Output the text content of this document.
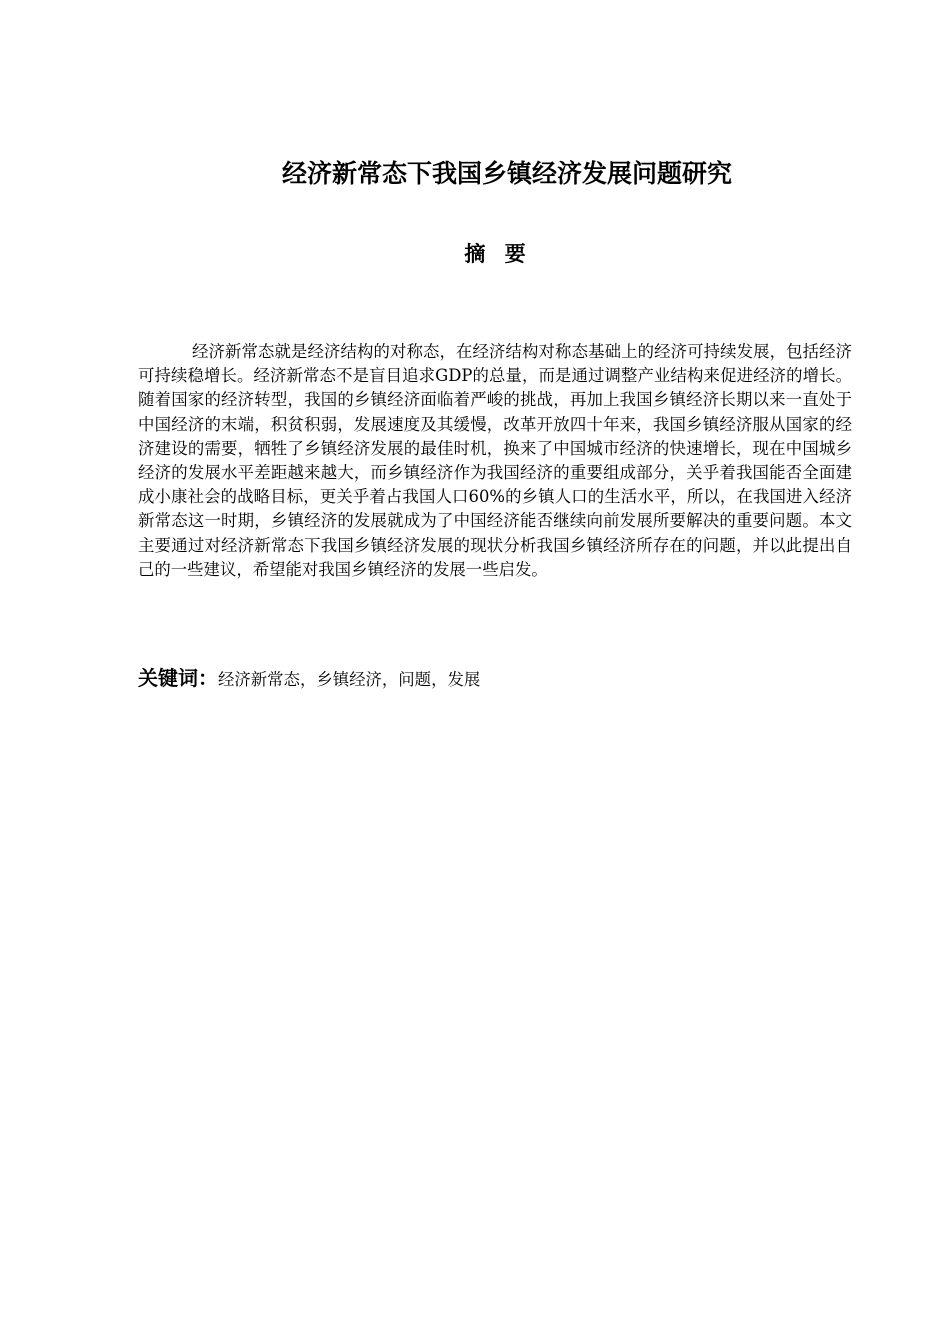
经济新常态下我国乡镇经济发展问题研究
摘 要

经济新常态就是经济结构的对称态，在经济结构对称态基础上的经济可持续发展，包括经济可持续稳增长。经济新常态不是盲目追求GDP的总量，而是通过调整产业结构来促进经济的增长。随着国家的经济转型，我国的乡镇经济面临着严峻的挑战，再加上我国乡镇经济长期以来一直处于中国经济的末端，积贫积弱，发展速度及其缓慢，改革开放四十年来，我国乡镇经济服从国家的经济建设的需要，牺牲了乡镇经济发展的最佳时机，换来了中国城市经济的快速增长，现在中国城乡经济的发展水平差距越来越大，而乡镇经济作为我国经济的重要组成部分，关乎着我国能否全面建成小康社会的战略目标，更关乎着占我国人口60%的乡镇人口的生活水平，所以，在我国进入经济新常态这一时期，乡镇经济的发展就成为了中国经济能否继续向前发展所要解决的重要问题。本文主要通过对经济新常态下我国乡镇经济发展的现状分析我国乡镇经济所存在的问题，并以此提出自己的一些建议，希望能对我国乡镇经济的发展一些启发。

关键词：经济新常态，乡镇经济，问题，发展
